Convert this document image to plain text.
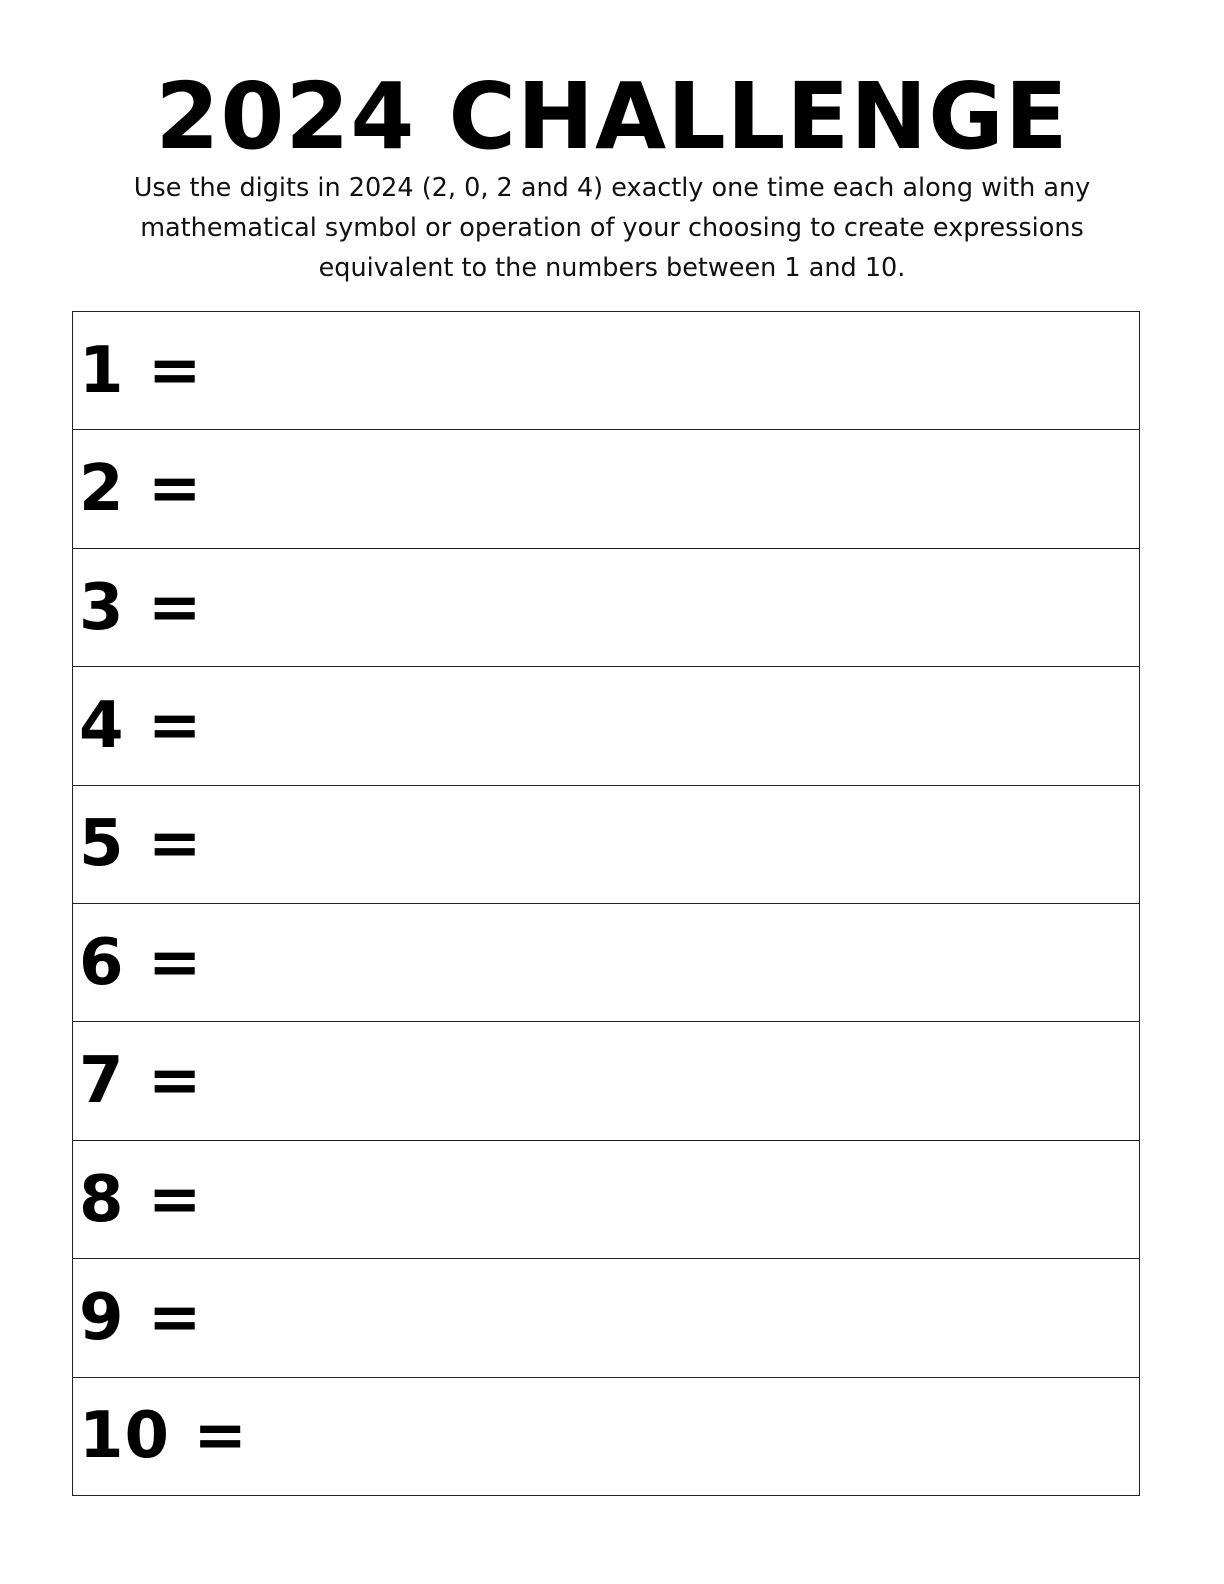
2024 CHALLENGE

Use the digits in 2024 (2, 0, 2 and 4) exactly one time each along with any mathematical symbol or operation of your choosing to create expressions equivalent to the numbers between 1 and 10.

1 =
2 =
3 =
4 =
5 =
6 =
7 =
8 =
9 =
10 =
